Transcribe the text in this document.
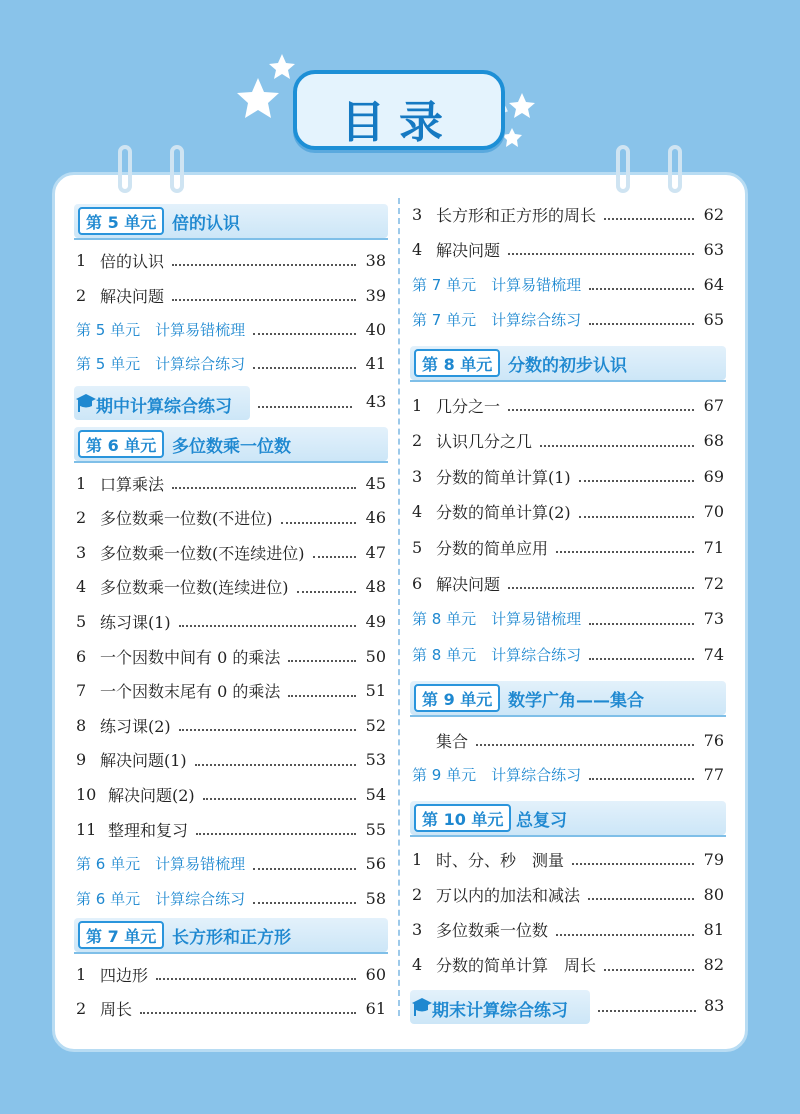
目录
第 5 单元 倍的认识
1 倍的认识	38
2 解决问题	39
第 5 单元　计算易错梳理	40
第 5 单元　计算综合练习	41
期中计算综合练习	43
第 6 单元 多位数乘一位数
1 口算乘法	45
2 多位数乘一位数(不进位)	46
3 多位数乘一位数(不连续进位)	47
4 多位数乘一位数(连续进位)	48
5 练习课(1)	49
6 一个因数中间有 0 的乘法	50
7 一个因数末尾有 0 的乘法	51
8 练习课(2)	52
9 解决问题(1)	53
10 解决问题(2)	54
11 整理和复习	55
第 6 单元　计算易错梳理	56
第 6 单元　计算综合练习	58
第 7 单元 长方形和正方形
1 四边形	60
2 周长	61
3 长方形和正方形的周长	62
4 解决问题	63
第 7 单元　计算易错梳理	64
第 7 单元　计算综合练习	65
第 8 单元 分数的初步认识
1 几分之一	67
2 认识几分之几	68
3 分数的简单计算(1)	69
4 分数的简单计算(2)	70
5 分数的简单应用	71
6 解决问题	72
第 8 单元　计算易错梳理	73
第 8 单元　计算综合练习	74
第 9 单元 数学广角——集合
集合	76
第 9 单元　计算综合练习	77
第 10 单元 总复习
1 时、分、秒　测量	79
2 万以内的加法和减法	80
3 多位数乘一位数	81
4 分数的简单计算　周长	82
期末计算综合练习	83
